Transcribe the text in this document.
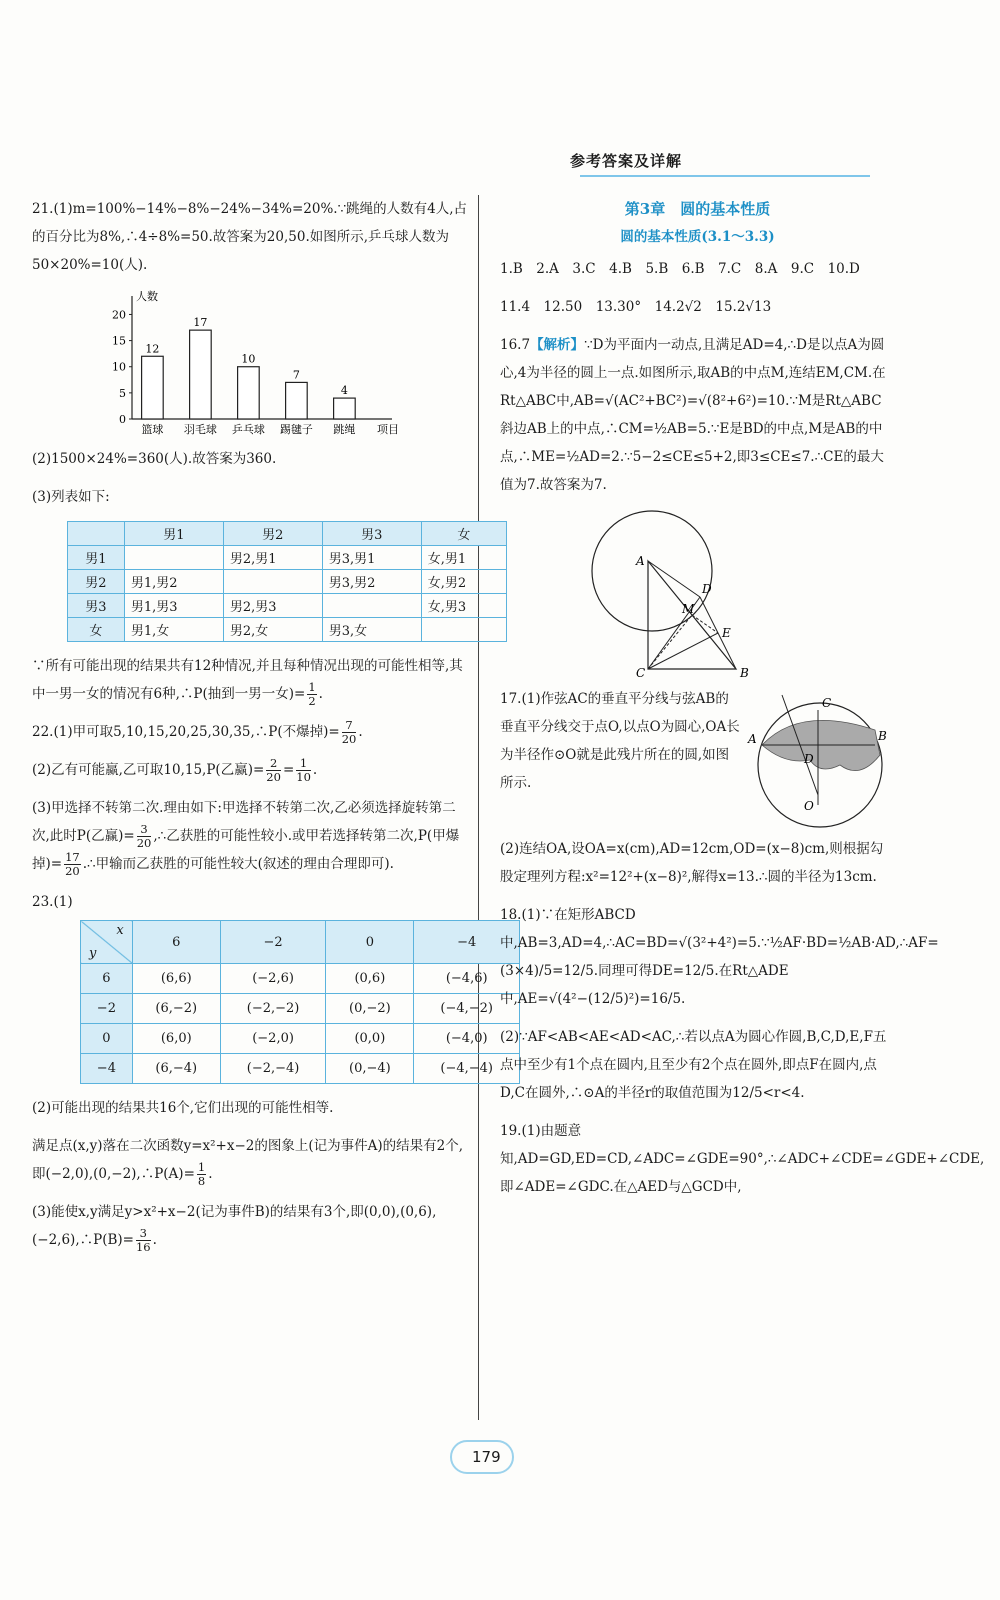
参考答案及详解

21.(1)m=100%−14%−8%−24%−34%=20%.∵跳绳的人数有4人,占的百分比为8%,∴4÷8%=50.故答案为20,50.如图所示,乒乓球人数为50×20%=10(人).

0
5
10
15
20
人数
项目
12
篮球
17
羽毛球
10
乒乓球
7
踢毽子
4
跳绳

(2)1500×24%=360(人).故答案为360.

(3)列表如下:

	男1	男2	男3	女
男1		男2,男1	男3,男1	女,男1
男2	男1,男2		男3,男2	女,男2
男3	男1,男3	男2,男3		女,男3
女	男1,女	男2,女	男3,女	

∵所有可能出现的结果共有12种情况,并且每种情况出现的可能性相等,其中一男一女的情况有6种,∴P(抽到一男一女)= $\frac{1}{2}$ .

22.(1)甲可取5,10,15,20,25,30,35,∴P(不爆掉)= $\frac{7}{20}$ .

(2)乙有可能赢,乙可取10,15,P(乙赢)= $\frac{2}{20} = \frac{1}{10}$ .

(3)甲选择不转第二次.理由如下:甲选择不转第二次,乙必须选择旋转第二次,此时P(乙赢)= $\frac{3}{20}$ ,∴乙获胜的可能性较小.或甲若选择转第二次,P(甲爆掉)= $\frac{17}{20}$ .∴甲输而乙获胜的可能性较大(叙述的理由合理即可).

23.(1)

x
y	6	−2	0	−4
6	(6,6)	(−2,6)	(0,6)	(−4,6)
−2	(6,−2)	(−2,−2)	(0,−2)	(−4,−2)
0	(6,0)	(−2,0)	(0,0)	(−4,0)
−4	(6,−4)	(−2,−4)	(0,−4)	(−4,−4)

(2)可能出现的结果共16个,它们出现的可能性相等.

满足点(x,y)落在二次函数y=x²+x−2的图象上(记为事件A)的结果有2个,即(−2,0),(0,−2),∴P(A)= $\frac{1}{8}$ .

(3)能使x,y满足y>x²+x−2(记为事件B)的结果有3个,即(0,0),(0,6),(−2,6),∴P(B)= $\frac{3}{16}$ .

第3章　圆的基本性质

圆的基本性质(3.1～3.3)

1.B　2.A　3.C　4.B　5.B　6.B　7.C　8.A　9.C　10.D

11.4　12.50　13.30°　14.2√2　15.2√13

16.7【解析】∵D为平面内一动点,且满足AD=4,∴D是以点A为圆心,4为半径的圆上一点.如图所示,取AB的中点M,连结EM,CM.在Rt△ABC中,AB=√(AC²+BC²)=√(8²+6²)=10.∵M是Rt△ABC斜边AB上的中点,∴CM=½AB=5.∵E是BD的中点,M是AB的中点,∴ME=½AD=2.∵5−2≤CE≤5+2,即3≤CE≤7.∴CE的最大值为7.故答案为7.

A
D
M
E
C	B

17.(1)作弦AC的垂直平分线与弦AB的垂直平分线交于点O,以点O为圆心,OA长为半径作⊙O就是此残片所在的圆,如图所示.

A	B
C
D
O

(2)连结OA,设OA=x(cm),AD=12cm,OD=(x−8)cm,则根据勾股定理列方程:x²=12²+(x−8)²,解得x=13.∴圆的半径为13cm.

18.(1)∵在矩形ABCD中,AB=3,AD=4,∴AC=BD=√(3²+4²)=5.∵½AF·BD=½AB·AD,∴AF=(3×4)/5=12/5.同理可得DE=12/5.在Rt△ADE中,AE=√(4²−(12/5)²)=16/5.

(2)∵AF<AB<AE<AD<AC,∴若以点A为圆心作圆,B,C,D,E,F五点中至少有1个点在圆内,且至少有2个点在圆外,即点F在圆内,点D,C在圆外,∴⊙A的半径r的取值范围为12/5<r<4.

19.(1)由题意知,AD=GD,ED=CD,∠ADC=∠GDE=90°,∴∠ADC+∠CDE=∠GDE+∠CDE,即∠ADE=∠GDC.在△AED与△GCD中,

179
